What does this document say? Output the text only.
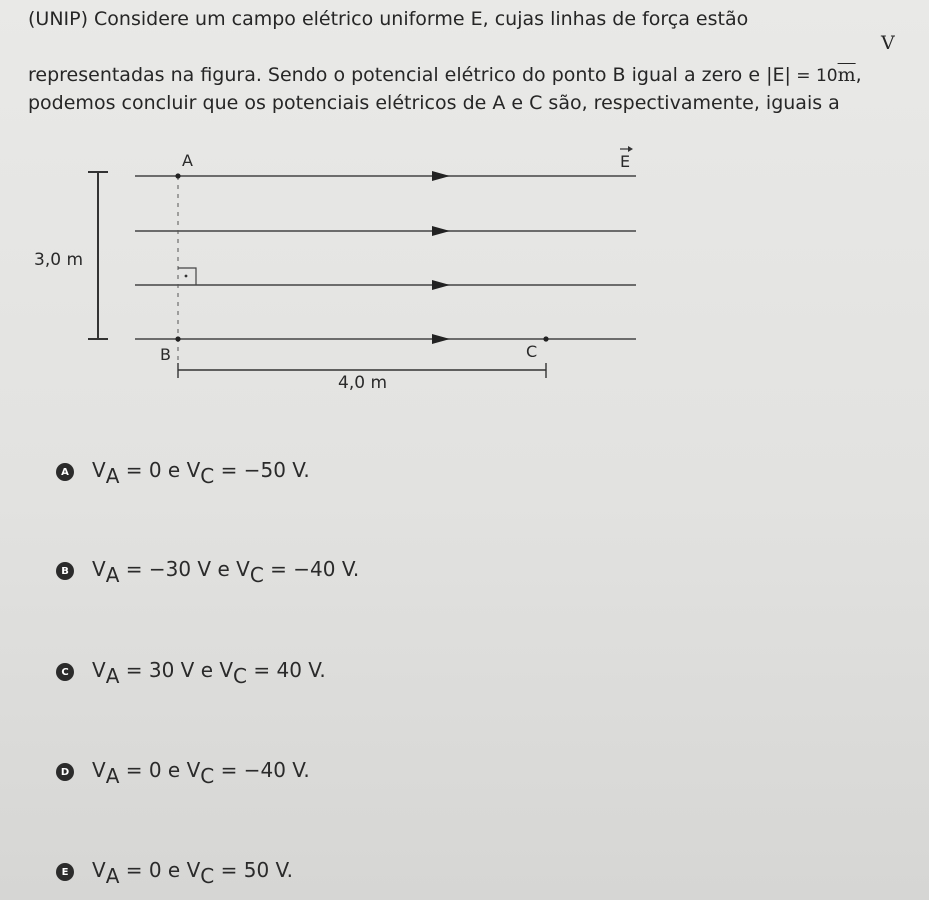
(UNIP) Considere um campo elétrico uniforme E, cujas linhas de força estão
V
representadas na figura. Sendo o potencial elétrico do ponto B igual a zero e $|E| = 10\overline{m}$,
podemos concluir que os potenciais elétricos de A e C são, respectivamente, iguais a
3,0 m
A
B	C
E
4,0 m
A $V_A = 0$ e $V_C = -50$ V.
B $V_A = -30$ V e $V_C = -40$ V.
C $V_A = 30$ V e $V_C = 40$ V.
D $V_A = 0$ e $V_C = -40$ V.
E $V_A = 0$ e $V_C = 50$ V.
